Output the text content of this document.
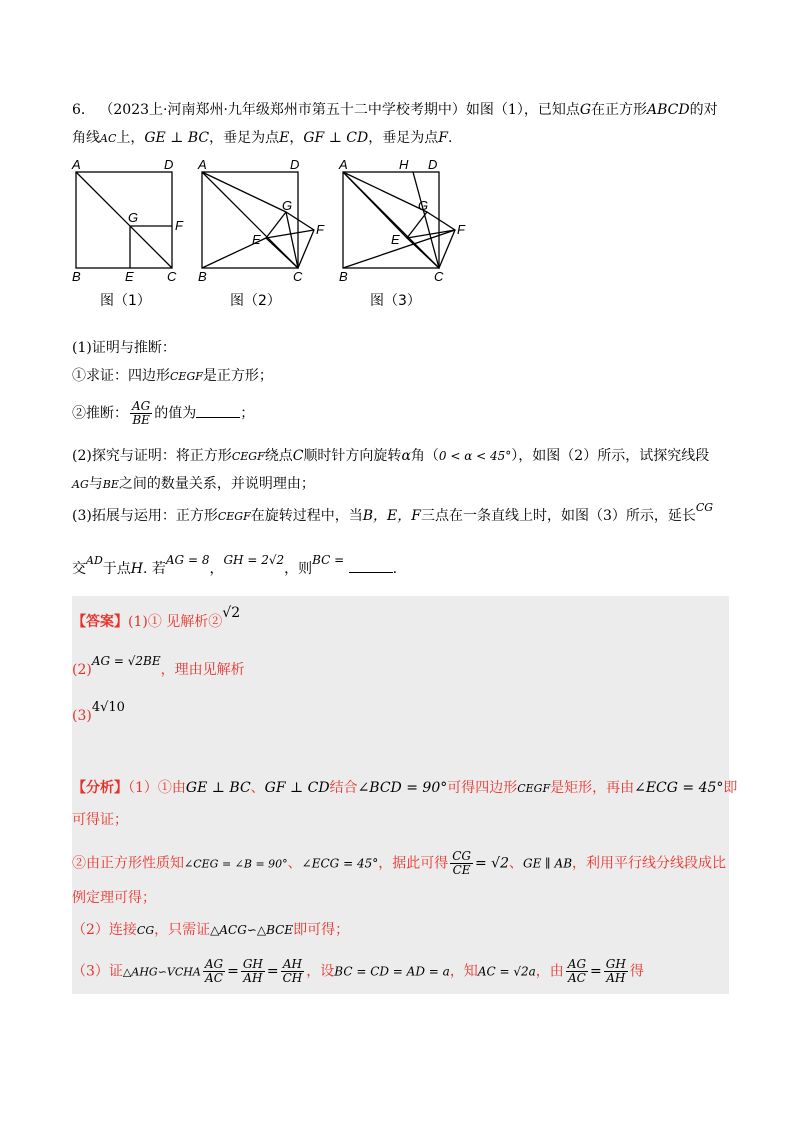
6． （2023上·河南郑州·九年级郑州市第五十二中学校考期中）如图（1），已知点G在正方形ABCD的对
角线AC上，GE ⊥ BC，垂足为点E，GF ⊥ CD，垂足为点F.
A	D
G
F
B	E	C
图（1）
A	D
G
F
E
B	C
图（2）
A	H D
G
F
E
B	C
图（3）
(1)证明与推断：
①求证：四边形CEGF是正方形；
②推断： $\frac{AG}{BE}$ 的值为	；
(2)探究与证明：将正方形CEGF绕点C顺时针方向旋转α角（0 < α < 45°），如图（2）所示，试探究线段
AG与BE之间的数量关系，并说明理由；
(3)拓展与运用：正方形CEGF在旋转过程中，当B，E，F三点在一条直线上时，如图（3）所示，延长$^{CG}$
交$^{AD}$于点H. 若AG = 8，GH = 2√2，则BC = .
【答案】(1)① 见解析②√2
(2)AG = √2BE，理由见解析
(3)4√10
【分析】（1）①由GE ⊥ BC、GF ⊥ CD结合∠BCD = 90°可得四边形CEGF是矩形，再由∠ECG = 45°即
可得证；
②由正方形性质知∠CEG = ∠B = 90°、∠ECG = 45°，据此可得 $\frac{CG}{CE} = √2$、GE ∥ AB，利用平行线分线段成比
例定理可得；
（2）连接CG，只需证△ACG∽△BCE即可得；
（3）证△AHG∽VCHA $\frac{AG}{AC} = \frac{GH}{AH} = \frac{AH}{CH}$ ，设BC = CD = AD = a，知AC = √2a，由 $\frac{AG}{AC} = \frac{GH}{AH}$ 得
